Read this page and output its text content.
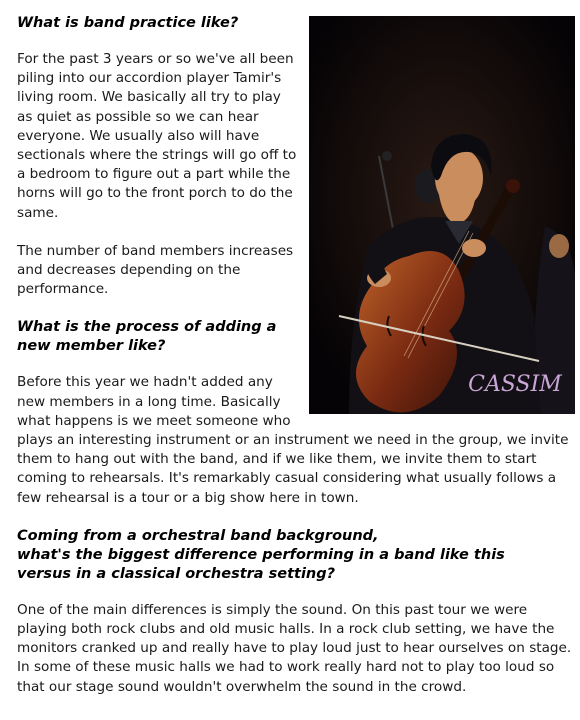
CASSIM
What is band practice like?

For the past 3 years or so we've all been piling into our accordion player Tamir's living room. We basically all try to play as quiet as possible so we can hear everyone. We usually also will have sectionals where the strings will go off to a bedroom to figure out a part while the horns will go to the front porch to do the same.

The number of band members increases and decreases depending on the performance.

What is the process of adding a
new member like?

Before this year we hadn't added any new members in a long time. Basically what happens is we meet someone who plays an interesting instrument or an instrument we need in the group, we invite them to hang out with the band, and if we like them, we invite them to start coming to rehearsals. It's remarkably casual considering what usually follows a few rehearsal is a tour or a big show here in town.

Coming from a orchestral band background,
what's the biggest difference performing in a band like this
versus in a classical orchestra setting?

One of the main differences is simply the sound. On this past tour we were playing both rock clubs and old music halls. In a rock club setting, we have the monitors cranked up and really have to play loud just to hear ourselves on stage. In some of these music halls we had to work really hard not to play too loud so that our stage sound wouldn't overwhelm the sound in the crowd.
